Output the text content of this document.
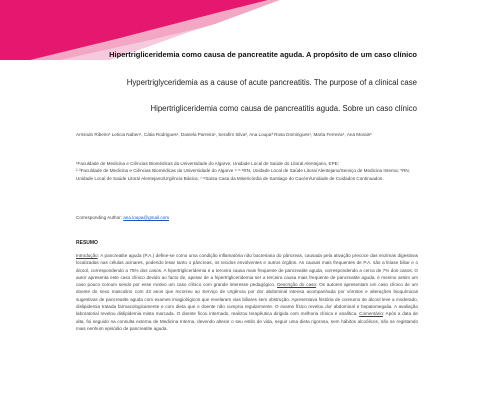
Hipertrigliceridemia como causa de pancreatite aguda. A propósito de um caso clínico
Hypertriglyceridemia as a cause of acute pancreatitis. The purpose of a clinical case
Hipertrigliceridemia como causa de pancreatitis aguda. Sobre un caso clínico
Armindo Ribeiro¹ Leticia Naben¹, Cátia Rodrigues¹, Daniela Parreira¹, Serafim Silva², Ana Loupa³ Rosa Domingues¹, Marta Ferreira⁴, Ana Morais⁵

¹Faculdade de Medicina e Ciências Biomédicas da Universidade do Algarve, Unidade Local de Saúde do Litoral Alentejano, EPE;

²·³Faculdade de Medicina e Ciências Biomédicas da Universidade do Algarve ⁴·⁵·⁶RN, Unidade Local de Saúde Litoral Alentejano/Serviço de Medicina Interna; ⁵RN, Unidade Local de Saúde Litoral Alentejano/Urgência Básica; ⁷·⁸Santa Casa da Misericórdia de Santiago do Cacém/Unidade de Cuidados Continuados.

Corresponding Author: ana.loupa@gmail.com
RESUMO

Introdução: A pancreatite aguda (P.A.) define-se como uma condição inflamatória não bacteriana do pâncreas, causada pela ativação precoce das enzimas digestivas localizadas nas células acinares, podendo lesar tanto o pâncreas, os tecidos envolventes e outros órgãos. As causas mais frequentes de P.A. são a litíase biliar e o álcool, correspondendo a 75% dos casos. A hipertrigliceridemia é a terceira causa mais frequente de pancreatite aguda, correspondendo a cerca de 7% dos casos. O autor apresenta este caso clínico devido ao facto de, apesar de a hipertrigliceridemia ser a terceira causa mais frequente de pancreatite aguda, é mesmo assim um caso pouco comum sendo por esse motivo um caso clínico com grande interesse pedagógico. Descrição do caso: Os autores apresentam um caso clínico de um doente do sexo masculino com 43 anos que recorreu ao Serviço de Urgência por dor abdominal intensa acompanhada por vómitos e alterações bioquímicas sugestivas de pancreatite aguda com exames imagiológicos que revelaram vias biliares sem obstrução. Apresentava história de consumo de álcool leve a moderado, dislipidemia tratada farmacologicamente e com dieta que o doente não cumpria regularmente. O exame físico revelou dor abdominal e hepatomegalia. A avaliação laboratorial revelou dislipidemia mista marcada. O doente ficou internado, realizou terapêutica dirigida com melhoria clínica e analítica. Comentário: Após a data de alta, foi seguido na consulta externa de Medicina Interna, devendo alterar o seu estilo de vida, seguir uma dieta rigorosa, sem hábitos alcoólicos, não se registando mais nenhum episódio de pancreatite aguda.
